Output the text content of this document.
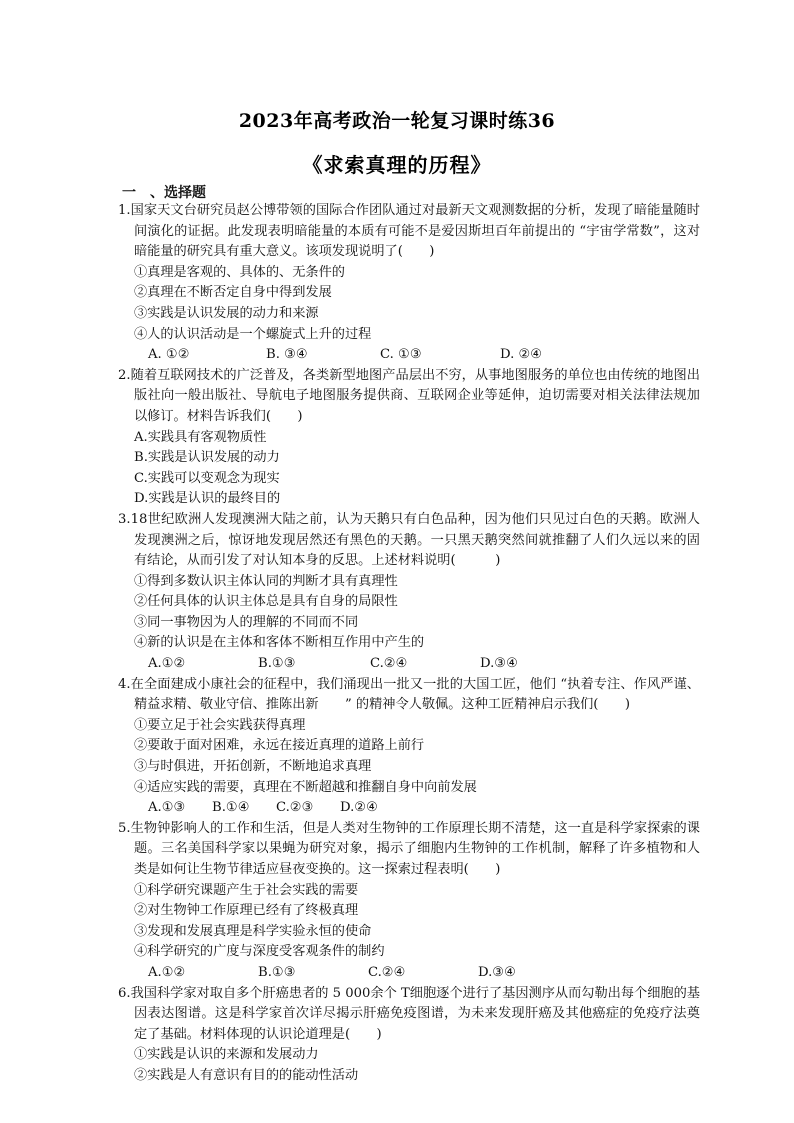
2023年高考政治一轮复习课时练36
《求索真理的历程》
一　、选择题
1.国家天文台研究员赵公博带领的国际合作团队通过对最新天文观测数据的分析，发现了暗能量随时间演化的证据。此发现表明暗能量的本质有可能不是爱因斯坦百年前提出的 “宇宙学常数”，这对暗能量的研究具有重大意义。该项发现说明了(　　)
①真理是客观的、具体的、无条件的
②真理在不断否定自身中得到发展
③实践是认识发展的动力和来源
④人的认识活动是一个螺旋式上升的过程
A. ①②	B. ③④	C. ①③	D. ②④
2.随着互联网技术的广泛普及，各类新型地图产品层出不穷，从事地图服务的单位也由传统的地图出版社向一般出版社、导航电子地图服务提供商、互联网企业等延伸，迫切需要对相关法律法规加以修订。材料告诉我们(　　)
A.实践具有客观物质性
B.实践是认识发展的动力
C.实践可以变观念为现实
D.实践是认识的最终目的
3.18世纪欧洲人发现澳洲大陆之前，认为天鹅只有白色品种，因为他们只见过白色的天鹅。欧洲人发现澳洲之后，惊讶地发现居然还有黑色的天鹅。一只黑天鹅突然间就推翻了人们久远以来的固有结论，从而引发了对认知本身的反思。上述材料说明(　　　)
①得到多数认识主体认同的判断才具有真理性
②任何具体的认识主体总是具有自身的局限性
③同一事物因为人的理解的不同而不同
④新的认识是在主体和客体不断相互作用中产生的
A.①②	B.①③	C.②④	D.③④
4.在全面建成小康社会的征程中，我们涌现出一批又一批的大国工匠，他们 “执着专注、作风严谨、精益求精、敬业守信、推陈出新　　” 的精神令人敬佩。这种工匠精神启示我们(　　)
①要立足于社会实践获得真理
②要敢于面对困难，永远在接近真理的道路上前行
③与时俱进，开拓创新，不断地追求真理
④适应实践的需要，真理在不断超越和推翻自身中向前发展
A.①③ B.①④ C.②③ D.②④
5.生物钟影响人的工作和生活，但是人类对生物钟的工作原理长期不清楚，这一直是科学家探索的课题。三名美国科学家以果蝇为研究对象，揭示了细胞内生物钟的工作机制，解释了许多植物和人类是如何让生物节律适应昼夜变换的。这一探索过程表明(　　)
①科学研究课题产生于社会实践的需要
②对生物钟工作原理已经有了终极真理
③发现和发展真理是科学实验永恒的使命
④科学研究的广度与深度受客观条件的制约
A.①②	B.①③	C.②④	D.③④
6.我国科学家对取自多个肝癌患者的 5 000余个 T细胞逐个进行了基因测序从而勾勒出每个细胞的基因表达图谱。这是科学家首次详尽揭示肝癌免疫图谱，为未来发现肝癌及其他癌症的免疫疗法奠定了基础。材料体现的认识论道理是(　　)
①实践是认识的来源和发展动力
②实践是人有意识有目的的能动性活动
